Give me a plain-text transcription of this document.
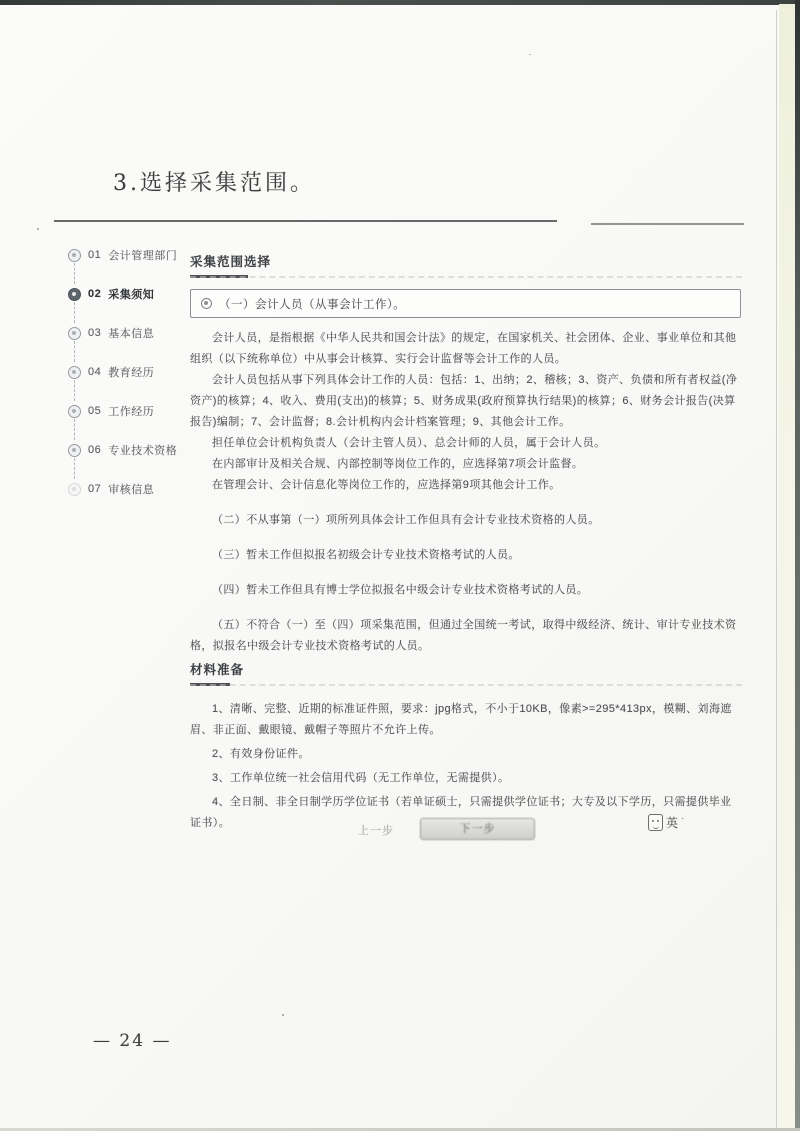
3.选择采集范围。
01 会计管理部门
02 采集须知
03 基本信息
04 教育经历
05 工作经历
06 专业技术资格
07 审核信息
采集范围选择
（一）会计人员（从事会计工作）。

会计人员，是指根据《中华人民共和国会计法》的规定，在国家机关、社会团体、企业、事业单位和其他组织（以下统称单位）中从事会计核算、实行会计监督等会计工作的人员。

会计人员包括从事下列具体会计工作的人员：包括：1、出纳；2、稽核；3、资产、负债和所有者权益(净资产)的核算；4、收入、费用(支出)的核算；5、财务成果(政府预算执行结果)的核算；6、财务会计报告(决算报告)编制；7、会计监督；8.会计机构内会计档案管理；9、其他会计工作。

担任单位会计机构负责人（会计主管人员）、总会计师的人员，属于会计人员。

在内部审计及相关合规、内部控制等岗位工作的，应选择第7项会计监督。

在管理会计、会计信息化等岗位工作的，应选择第9项其他会计工作。

（二）不从事第（一）项所列具体会计工作但具有会计专业技术资格的人员。

（三）暂未工作但拟报名初级会计专业技术资格考试的人员。

（四）暂未工作但具有博士学位拟报名中级会计专业技术资格考试的人员。

（五）不符合（一）至（四）项采集范围，但通过全国统一考试，取得中级经济、统计、审计专业技术资格，拟报名中级会计专业技术资格考试的人员。

材料准备

1、清晰、完整、近期的标准证件照，要求：jpg格式，不小于10KB，像素>=295*413px，模糊、刘海遮眉、非正面、戴眼镜、戴帽子等照片不允许上传。

2、有效身份证件。

3、工作单位统一社会信用代码（无工作单位，无需提供）。

4、全日制、非全日制学历学位证书（若单证硕士，只需提供学位证书；大专及以下学历，只需提供毕业证书）。

上一步	下一步	英 ·
— 24 —
